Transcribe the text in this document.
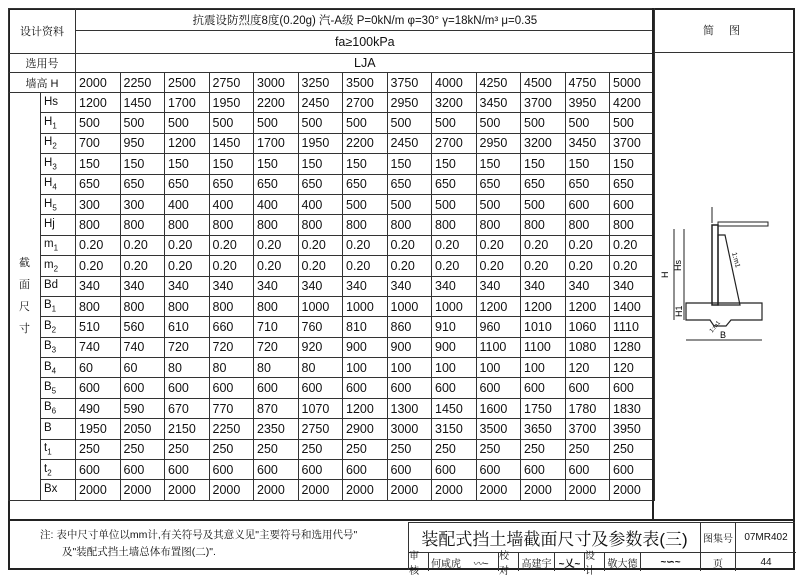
设计资料		抗震设防烈度8度(0.20g) 汽-A级 P=0kN/m φ=30° γ=18kN/m³ μ=0.35												
		fa≥100kPa												
选用号		LJA												
墙高 H		2000	2250	2500	2750	3000	3250	3500	3750	4000	4250	4500	4750	5000
截面尺寸	Hs	1200	1450	1700	1950	2200	2450	2700	2950	3200	3450	3700	3950	4200
	$H_1$	500	500	500	500	500	500	500	500	500	500	500	500	500
	$H_2$	700	950	1200	1450	1700	1950	2200	2450	2700	2950	3200	3450	3700
	$H_3$	150	150	150	150	150	150	150	150	150	150	150	150	150
	$H_4$	650	650	650	650	650	650	650	650	650	650	650	650	650
	$H_5$	300	300	400	400	400	400	500	500	500	500	500	600	600
	Hj	800	800	800	800	800	800	800	800	800	800	800	800	800
	$m_1$	0.20	0.20	0.20	0.20	0.20	0.20	0.20	0.20	0.20	0.20	0.20	0.20	0.20
	$m_2$	0.20	0.20	0.20	0.20	0.20	0.20	0.20	0.20	0.20	0.20	0.20	0.20	0.20
	Bd	340	340	340	340	340	340	340	340	340	340	340	340	340
	$B_1$	800	800	800	800	800	1000	1000	1000	1000	1200	1200	1200	1400
	$B_2$	510	560	610	660	710	760	810	860	910	960	1010	1060	1110
	$B_3$	740	740	720	720	720	920	900	900	900	1100	1100	1080	1280
	$B_4$	60	60	80	80	80	80	100	100	100	100	100	120	120
	$B_5$	600	600	600	600	600	600	600	600	600	600	600	600	600
	$B_6$	490	590	670	770	870	1070	1200	1300	1450	1600	1750	1780	1830
	B	1950	2050	2150	2250	2350	2750	2900	3000	3150	3500	3650	3700	3950
	$t_1$	250	250	250	250	250	250	250	250	250	250	250	250	250
	$t_2$	600	600	600	600	600	600	600	600	600	600	600	600	600
	Bx	2000	2000	2000	2000	2000	2000	2000	2000	2000	2000	2000	2000	2000
简 图
H
Hs
H1
B
1:m1
1:m1
注: 表中尺寸单位以mm计,有关符号及其意义见"主要符号和选用代号"
及"装配式挡土墙总体布置图(二)".
装配式挡土墙截面尺寸及参数表(三)	图集号	07MR402
审核
何咸虎	〰~
校对
高建宇 ~乂~
设计
敬大德	~∽~	页	44
